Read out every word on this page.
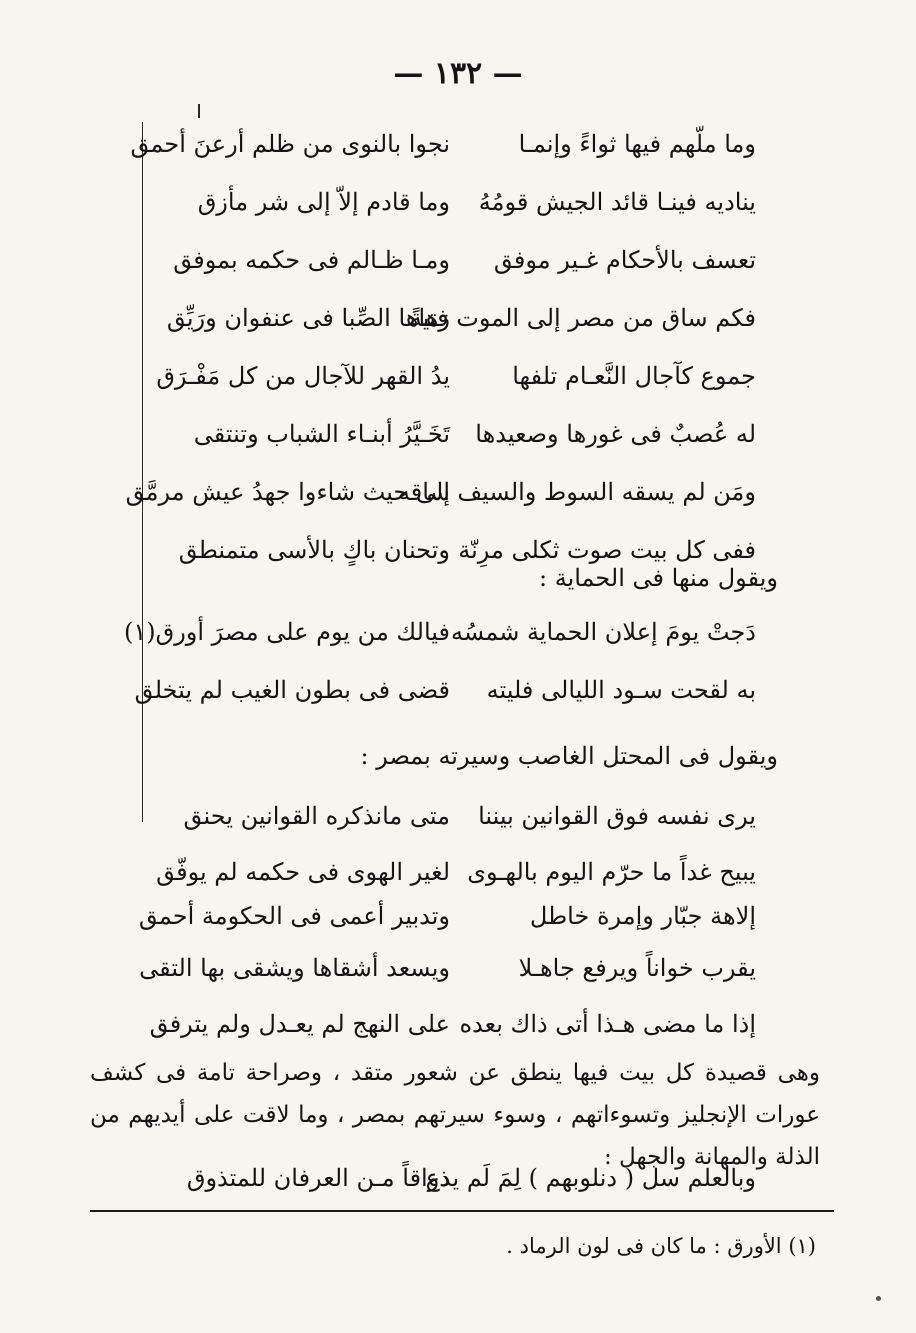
— ١٣٢ —
وما ملّهم فيها ثواءً وإنمـا
نجوا بالنوى من ظلم أرعنَ أحمق
يناديه فينـا قائد الجيش قومُهُ
وما قادم إلاّ إلى شر مأزق
تعسف بالأحكام غـير موفق
ومـا ظـالم فى حكمه بموفق
فكم ساق من مصر إلى الموت فتيةً
زهاها الصِّبا فى عنفوان ورَيِّق
جموع كآجال النَّعـام تلفها
يدُ القهر للآجال من كل مَفْـرَق
له عُصبٌ فى غورها وصعيدها
تَخَـيَّرُ أبنـاء الشباب وتنتقى
ومَن لم يسقه السوط والسيف ساقه
إلى حيث شاءوا جهدُ عيش مرمَّق
ففى كل بيت صوت ثكلى مرِنّة
وتحنان باكٍ بالأسى متمنطق
ويقول منها فى الحماية :
دَجتْ يومَ إعلان الحماية شمسُه
فيالك من يوم على مصرَ أورق(١)
به لقحت سـود الليالى فليته
قضى فى بطون الغيب لم يتخلق
ويقول فى المحتل الغاصب وسيرته بمصر :
يرى نفسه فوق القوانين بيننا
متى مانذكره القوانين يحنق
يبيح غداً ما حرّم اليوم بالهـوى
لغير الهوى فى حكمه لم يوفّق
إلاهة جبّار وإمرة خاطل
وتدبير أعمى فى الحكومة أحمق
يقرب خواناً ويرفع جاهـلا
ويسعد أشقاها ويشقى بها التقى
إذا ما مضى هـذا أتى ذاك بعده
على النهج لم يعـدل ولم يترفق
وهى قصيدة كل بيت فيها ينطق عن شعور متقد ، وصراحة تامة فى كشف عورات الإنجليز وتسوءاتهم ، وسوء سيرتهم بمصر ، وما لاقت على أيديهم من الذلة والمهانة والجهل :
وبالعلم سل ( دنلوبهم ) لِمَ لَم يدع
ذواقاً مـن العرفان للمتذوق
(١) الأورق : ما كان فى لون الرماد .
